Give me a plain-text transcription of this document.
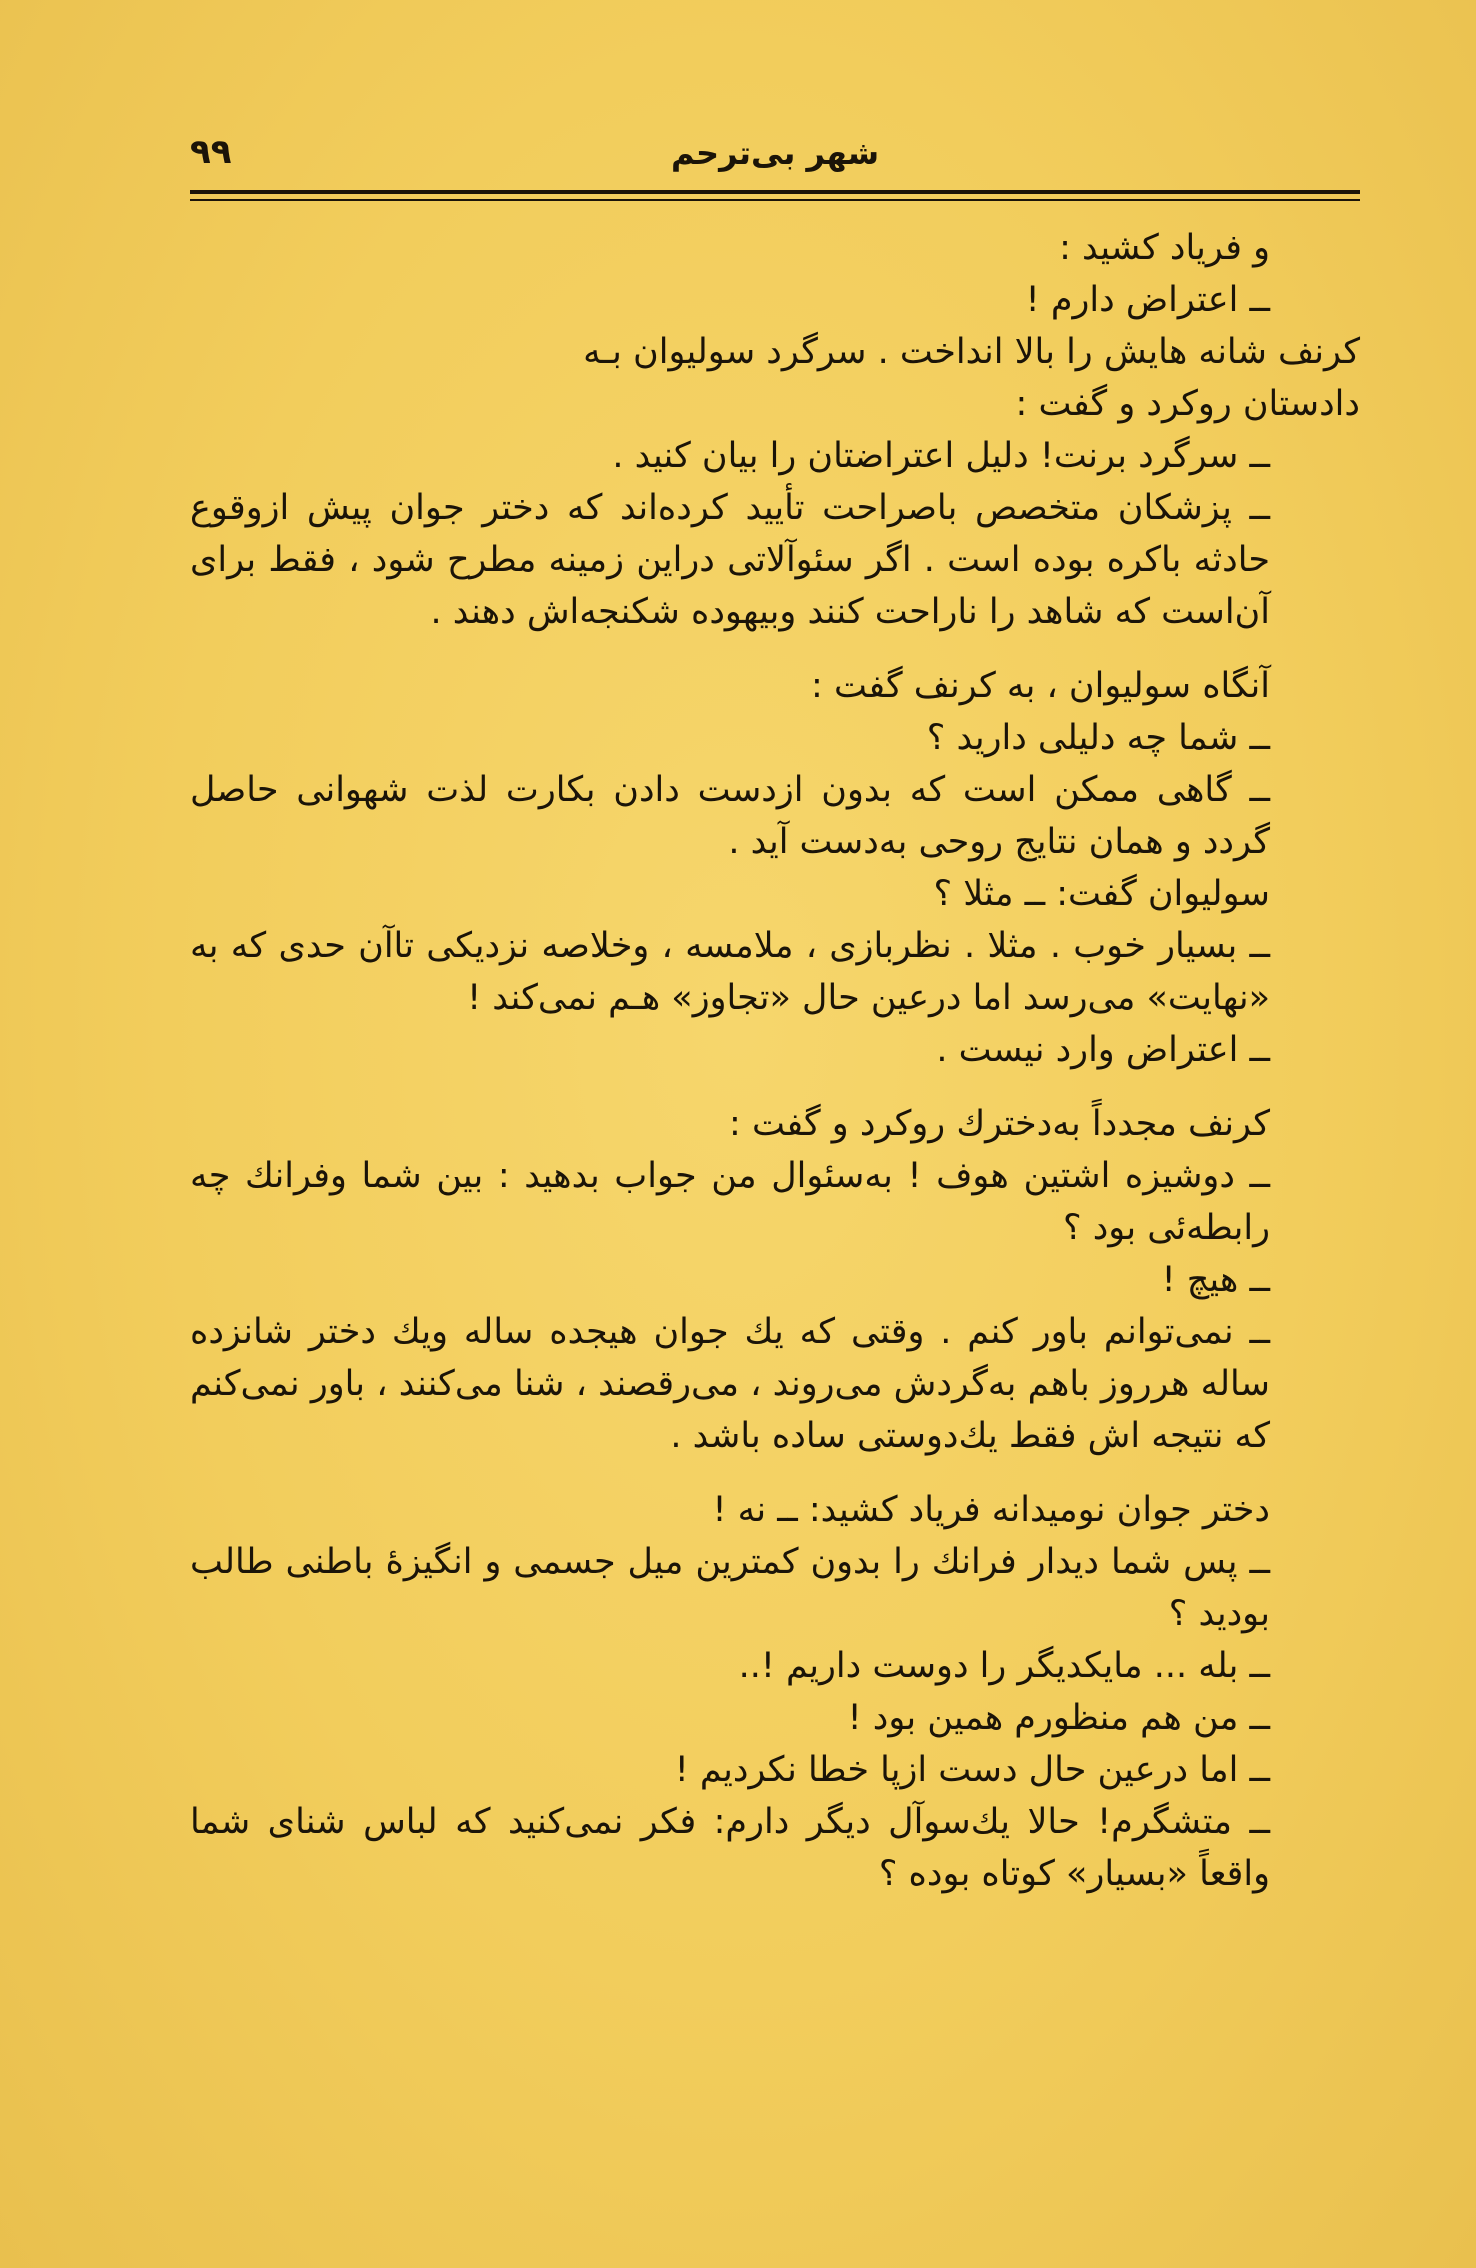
شهر بی‌ترحم
۹۹

و فریاد کشید :

ــ اعتراض دارم !

کرنف شانه هایش را بالا انداخت . سرگرد سولیوان بـه

دادستان روکرد و گفت :

ــ سرگرد برنت! دلیل اعتراضتان را بیان کنید .

ــ پزشکان متخصص باصراحت تأیید کرده‌اند که دختر جوان پیش ازوقوع حادثه باکره بوده است . اگر سئوآلاتی دراین زمینه مطرح شود ، فقط برای آن‌است که شاهد را ناراحت کنند وبیهوده شکنجه‌اش دهند .

آنگاه سولیوان ، به کرنف گفت :

ــ شما چه دلیلی دارید ؟

ــ گاهی ممکن است که بدون ازدست دادن بکارت لذت شهوانی حاصل گردد و همان نتایج روحی به‌دست آید .

سولیوان گفت: ــ مثلا ؟

ــ بسیار خوب . مثلا . نظربازی ، ملامسه ، وخلاصه نزدیکی تاآن حدی که به «نهایت» می‌رسد اما درعین حال «تجاوز» هـم نمی‌کند !

ــ اعتراض وارد نیست .

کرنف مجدداً به‌دخترك روکرد و گفت :

ــ دوشیزه اشتین هوف ! به‌سئوال من جواب بدهید : بین شما وفرانك چه رابطه‌ئی بود ؟

ــ هیچ !

ــ نمی‌توانم باور کنم . وقتی که یك جوان هیجده ساله ویك دختر شانزده ساله هرروز باهم به‌گردش می‌روند ، می‌رقصند ، شنا می‌کنند ، باور نمی‌کنم که نتیجه اش فقط یك‌دوستی ساده باشد .

دختر جوان نومیدانه فریاد کشید: ــ نه !

ــ پس شما دیدار فرانك را بدون کمترین میل جسمی و انگیزهٔ باطنی طالب بودید ؟

ــ بله ... مایکدیگر را دوست داریم !..

ــ من هم منظورم همین بود !

ــ اما درعین حال دست ازپا خطا نکردیم !

ــ متشگرم! حالا یك‌سوآل دیگر دارم: فکر نمی‌کنید که لباس شنای شما واقعاً «بسیار» کوتاه بوده ؟
